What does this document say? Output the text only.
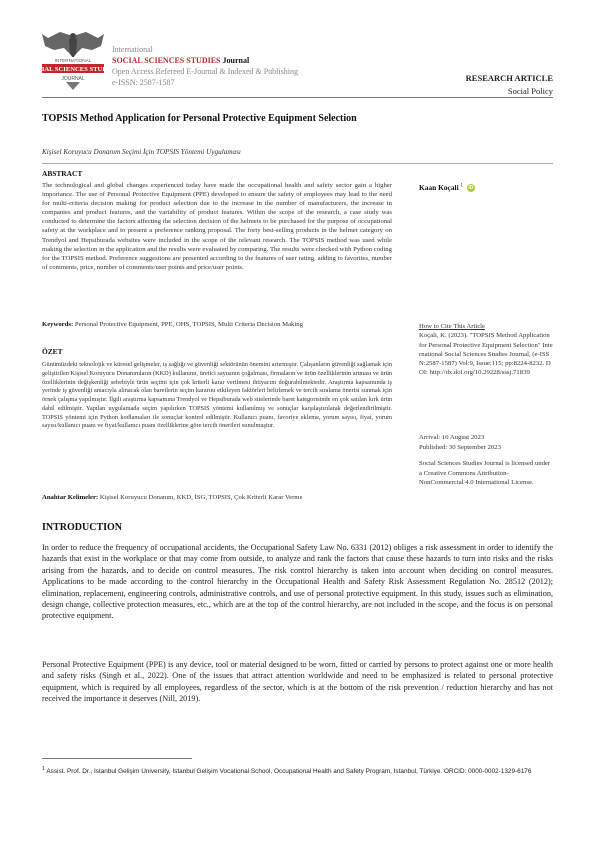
INTERNATIONAL
SOCIAL SCIENCES STUDIES
JOURNAL
International
SOCIAL SCIENCES STUDIES Journal
Open Access Refereed E-Journal & Indexed & Publishing
e-ISSN: 2587-1587	RESEARCH ARTICLE
Social Policy
TOPSIS Method Application for Personal Protective Equipment Selection
Kişisel Koruyucu Donanım Seçimi İçin TOPSIS Yöntemi Uygulaması
ABSTRACT
The technological and global changes experienced today have made the occupational health and safety sector gain a higher importance. The use of Personal Protective Equipment (PPE) developed to ensure the safety of employees may lead to the need for multi-criteria decision making for product selection due to the increase in the number of manufacturers, the increase in companies and product features, and the variability of product features. Within the scope of the research, a case study was conducted to determine the factors affecting the selection decision of the helmets to be purchased for the purpose of occupational safety at the workplace and to present a preference ranking proposal. The forty best-selling products in the helmet category on Trendyol and Hepsiburada websites were included in the scope of the relevant research. The TOPSIS method was used while making the selection in the application and the results were evaluated by comparing. The results were checked with Python coding for the TOPSIS method. Preference suggestions are presented according to the features of user rating, adding to favorites, number of comments, price, number of comments/user points and price/user points.
Keywords: Personal Protective Equipment, PPE, OHS, TOPSIS, Multi Criteria Decision Making
ÖZET
Günümüzdeki teknolojik ve küresel gelişmeler, iş sağlığı ve güvenliği sektörünün önemini artırmıştır. Çalışanların güvenliği sağlamak için geliştirilen Kişisel Koruyucu Donanımların (KKD) kullanımı, üretici sayısının çoğalması, firmaların ve ürün özelliklerinin artması ve ürün özelliklerinin değişkenliği sebebiyle ürün seçimi için çok kriterli karar verilmesi ihtiyacını doğurabilmektedir. Araştırma kapsamında iş yerinde iş güvenliği amacıyla alınacak olan baretlerin seçim kararını etkileyen faktörleri belirlemek ve tercih sıralama önerisi sunmak için örnek çalışma yapılmıştır. İlgili araştırma kapsamına Trendyol ve Hepsiburada web sitelerinde baret kategorisinde en çok satılan kırk ürün dahil edilmiştir. Yapılan uygulamada seçim yapılırken TOPSIS yöntemi kullanılmış ve sonuçlar karşılaştırılarak değerlendirilmiştir. TOPSIS yöntemi için Python kodlamaları ile sonuçlar kontrol edilmiştir. Kullanıcı puanı, favoriye ekleme, yorum sayısı, fiyat, yorum sayısı/kullanıcı puanı ve fiyat/kullanıcı puanı özelliklerine göre tercih önerileri sunulmuştur.
Anahtar Kelimeler: Kişisel Koruyucu Donanım, KKD, İSG, TOPSIS, Çok Kriterli Karar Verme
Kaan Koçali $^1$ iD
How to Cite This Article
Koçali, K. (2023). "TOPSIS Method Application for Personal Protective Equipment Selection" International Social Sciences Studies Journal, (e-ISSN:2587-1587) Vol:9, Issue:115; pp:8224-8232. DOI: http://dx.doi.org/10.29228/sssj.71839
Arrival: 16 August 2023
Published: 30 September 2023
Social Sciences Studies Journal is licensed under a Creative Commons Attribution-NonCommercial 4.0 International License.
INTRODUCTION
In order to reduce the frequency of occupational accidents, the Occupational Safety Law No. 6331 (2012) obliges a risk assessment in order to identify the hazards that exist in the workplace or that may come from outside, to analyze and rank the factors that cause these hazards to turn into risks and the risks arising from the hazards, and to decide on control measures. The risk control hierarchy is taken into account when deciding on control measures. Applications to be made according to the control hierarchy in the Occupational Health and Safety Risk Assessment Regulation No. 28512 (2012); elimination, replacement, engineering controls, administrative controls, and use of personal protective equipment. In this study, issues such as elimination, design change, collective protection measures, etc., which are at the top of the control hierarchy, are not included in the scope, and the focus is on personal protective equipment.
Personal Protective Equipment (PPE) is any device, tool or material designed to be worn, fitted or carried by persons to protect against one or more health and safety risks (Singh et al., 2022). One of the issues that attract attention worldwide and need to be emphasized is related to personal protective equipment, which is required by all employees, regardless of the sector, which is at the bottom of the risk prevention / reduction hierarchy and has not received the importance it deserves (Nill, 2019).
$^1$ Assist. Prof. Dr., Istanbul Gelişim University, Istanbul Gelişim Vocational School, Occupational Health and Safety Program, Istanbul, Türkiye. ORCID: 0000-0002-1329-6176
